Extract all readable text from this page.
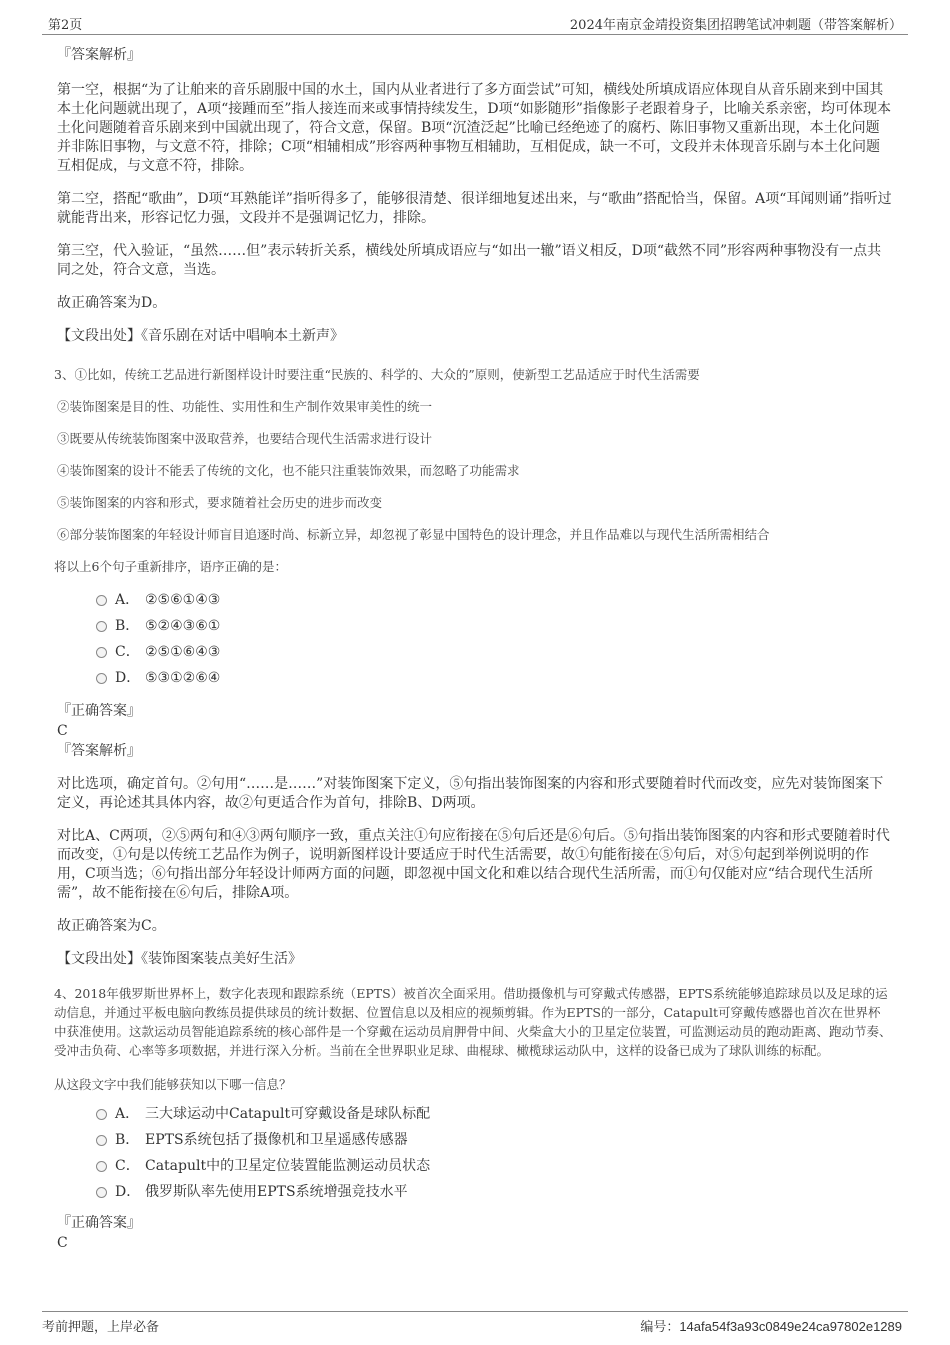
第2页	2024年南京金靖投资集团招聘笔试冲刺题（带答案解析）

『答案解析』

第一空，根据“为了让舶来的音乐剧服中国的水土，国内从业者进行了多方面尝试”可知，横线处所填成语应体现自从音乐剧来到中国其本土化问题就出现了，A项“接踵而至”指人接连而来或事情持续发生，D项“如影随形”指像影子老跟着身子，比喻关系亲密，均可体现本土化问题随着音乐剧来到中国就出现了，符合文意，保留。B项“沉渣泛起”比喻已经绝迹了的腐朽、陈旧事物又重新出现，本土化问题并非陈旧事物，与文意不符，排除；C项“相辅相成”形容两种事物互相辅助，互相促成，缺一不可，文段并未体现音乐剧与本土化问题互相促成，与文意不符，排除。

第二空，搭配“歌曲”，D项“耳熟能详”指听得多了，能够很清楚、很详细地复述出来，与“歌曲”搭配恰当，保留。A项“耳闻则诵”指听过就能背出来，形容记忆力强，文段并不是强调记忆力，排除。

第三空，代入验证，“虽然……但”表示转折关系，横线处所填成语应与“如出一辙”语义相反，D项“截然不同”形容两种事物没有一点共同之处，符合文意，当选。

故正确答案为D。

【文段出处】《音乐剧在对话中唱响本土新声》

3、①比如，传统工艺品进行新图样设计时要注重“民族的、科学的、大众的”原则，使新型工艺品适应于时代生活需要

②装饰图案是目的性、功能性、实用性和生产制作效果审美性的统一

③既要从传统装饰图案中汲取营养，也要结合现代生活需求进行设计

④装饰图案的设计不能丢了传统的文化，也不能只注重装饰效果，而忽略了功能需求

⑤装饰图案的内容和形式，要求随着社会历史的进步而改变

⑥部分装饰图案的年轻设计师盲目追逐时尚、标新立异，却忽视了彰显中国特色的设计理念，并且作品难以与现代生活所需相结合

将以上6个句子重新排序，语序正确的是：

A． ②⑤⑥①④③
B． ⑤②④③⑥①
C． ②⑤①⑥④③
D． ⑤③①②⑥④

『正确答案』

C

『答案解析』

对比选项，确定首句。②句用“……是……”对装饰图案下定义，⑤句指出装饰图案的内容和形式要随着时代而改变，应先对装饰图案下定义，再论述其具体内容，故②句更适合作为首句，排除B、D两项。

对比A、C两项，②⑤两句和④③两句顺序一致，重点关注①句应衔接在⑤句后还是⑥句后。⑤句指出装饰图案的内容和形式要随着时代而改变，①句是以传统工艺品作为例子，说明新图样设计要适应于时代生活需要，故①句能衔接在⑤句后，对⑤句起到举例说明的作用，C项当选；⑥句指出部分年轻设计师两方面的问题，即忽视中国文化和难以结合现代生活所需，而①句仅能对应“结合现代生活所需”，故不能衔接在⑥句后，排除A项。

故正确答案为C。

【文段出处】《装饰图案装点美好生活》

4、2018年俄罗斯世界杯上，数字化表现和跟踪系统（EPTS）被首次全面采用。借助摄像机与可穿戴式传感器，EPTS系统能够追踪球员以及足球的运动信息，并通过平板电脑向教练员提供球员的统计数据、位置信息以及相应的视频剪辑。作为EPTS的一部分，Catapult可穿戴传感器也首次在世界杯中获准使用。这款运动员智能追踪系统的核心部件是一个穿戴在运动员肩胛骨中间、火柴盒大小的卫星定位装置，可监测运动员的跑动距离、跑动节奏、受冲击负荷、心率等多项数据，并进行深入分析。当前在全世界职业足球、曲棍球、橄榄球运动队中，这样的设备已成为了球队训练的标配。

从这段文字中我们能够获知以下哪一信息？

A． 三大球运动中Catapult可穿戴设备是球队标配
B． EPTS系统包括了摄像机和卫星遥感传感器
C． Catapult中的卫星定位装置能监测运动员状态
D． 俄罗斯队率先使用EPTS系统增强竞技水平

『正确答案』

C

考前押题，上岸必备	编号：14afa54f3a93c0849e24ca97802e1289
